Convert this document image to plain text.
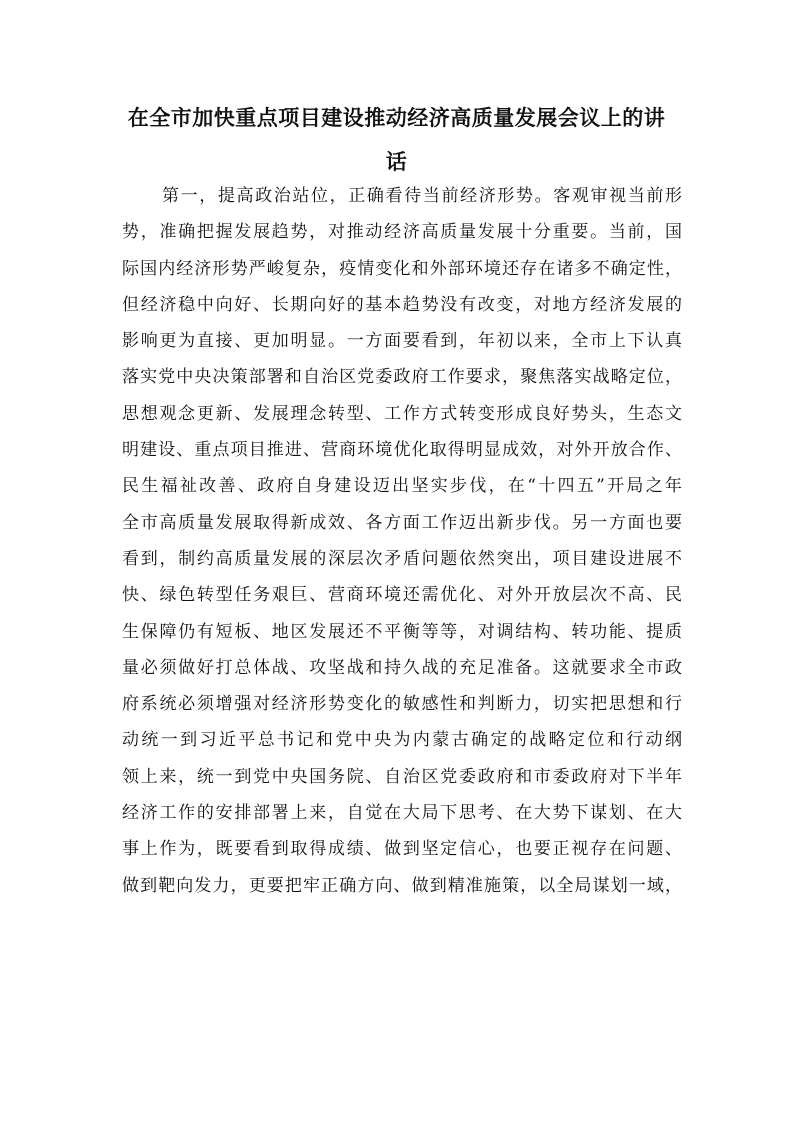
在全市加快重点项目建设推动经济高质量发展会议上的讲
话
第一，提高政治站位，正确看待当前经济形势。客观审视当前形
势，准确把握发展趋势，对推动经济高质量发展十分重要。当前，国
际国内经济形势严峻复杂，疫情变化和外部环境还存在诸多不确定性，
但经济稳中向好、长期向好的基本趋势没有改变，对地方经济发展的
影响更为直接、更加明显。一方面要看到，年初以来，全市上下认真
落实党中央决策部署和自治区党委政府工作要求，聚焦落实战略定位，
思想观念更新、发展理念转型、工作方式转变形成良好势头，生态文
明建设、重点项目推进、营商环境优化取得明显成效，对外开放合作、
民生福祉改善、政府自身建设迈出坚实步伐，在“十四五”开局之年
全市高质量发展取得新成效、各方面工作迈出新步伐。另一方面也要
看到，制约高质量发展的深层次矛盾问题依然突出，项目建设进展不
快、绿色转型任务艰巨、营商环境还需优化、对外开放层次不高、民
生保障仍有短板、地区发展还不平衡等等，对调结构、转功能、提质
量必须做好打总体战、攻坚战和持久战的充足准备。这就要求全市政
府系统必须增强对经济形势变化的敏感性和判断力，切实把思想和行
动统一到习近平总书记和党中央为内蒙古确定的战略定位和行动纲
领上来，统一到党中央国务院、自治区党委政府和市委政府对下半年
经济工作的安排部署上来，自觉在大局下思考、在大势下谋划、在大
事上作为，既要看到取得成绩、做到坚定信心，也要正视存在问题、
做到靶向发力，更要把牢正确方向、做到精准施策，以全局谋划一域，
